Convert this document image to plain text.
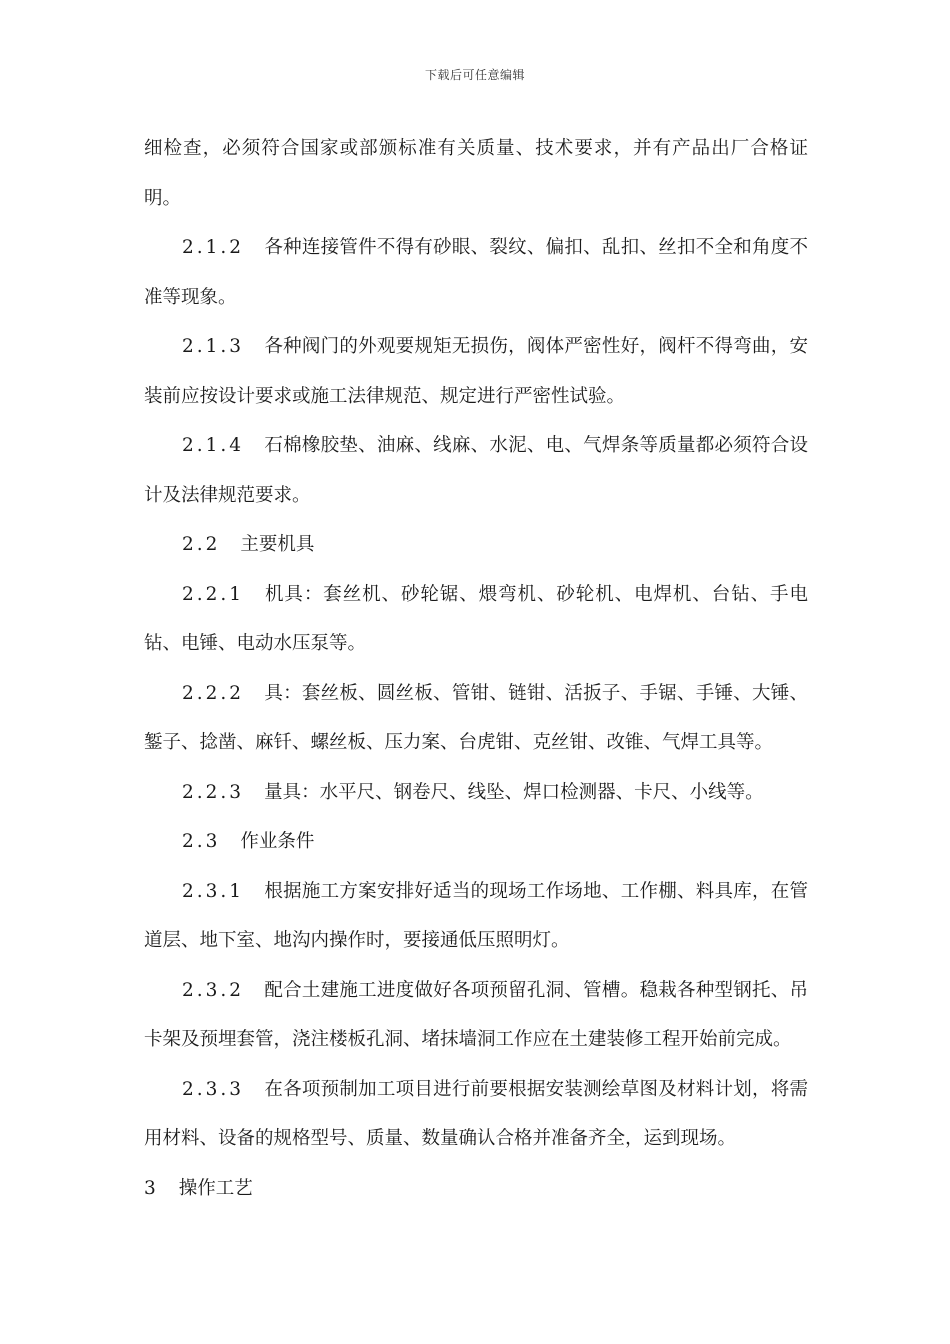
下载后可任意编辑

细检查，必须符合国家或部颁标准有关质量、技术要求，并有产品出厂合格证明。

2.1.2 各种连接管件不得有砂眼、裂纹、偏扣、乱扣、丝扣不全和角度不准等现象。

2.1.3 各种阀门的外观要规矩无损伤，阀体严密性好，阀杆不得弯曲，安装前应按设计要求或施工法律规范、规定进行严密性试验。

2.1.4 石棉橡胶垫、油麻、线麻、水泥、电、气焊条等质量都必须符合设计及法律规范要求。

2.2 主要机具

2.2.1 机具：套丝机、砂轮锯、煨弯机、砂轮机、电焊机、台钻、手电钻、电锤、电动水压泵等。

2.2.2 具：套丝板、圆丝板、管钳、链钳、活扳子、手锯、手锤、大锤、錾子、捻凿、麻钎、螺丝板、压力案、台虎钳、克丝钳、改锥、气焊工具等。

2.2.3 量具：水平尺、钢卷尺、线坠、焊口检测器、卡尺、小线等。

2.3 作业条件

2.3.1 根据施工方案安排好适当的现场工作场地、工作棚、料具库，在管道层、地下室、地沟内操作时，要接通低压照明灯。

2.3.2 配合土建施工进度做好各项预留孔洞、管槽。稳栽各种型钢托、吊卡架及预埋套管，浇注楼板孔洞、堵抹墙洞工作应在土建装修工程开始前完成。

2.3.3 在各项预制加工项目进行前要根据安装测绘草图及材料计划，将需用材料、设备的规格型号、质量、数量确认合格并准备齐全，运到现场。

3 操作工艺
